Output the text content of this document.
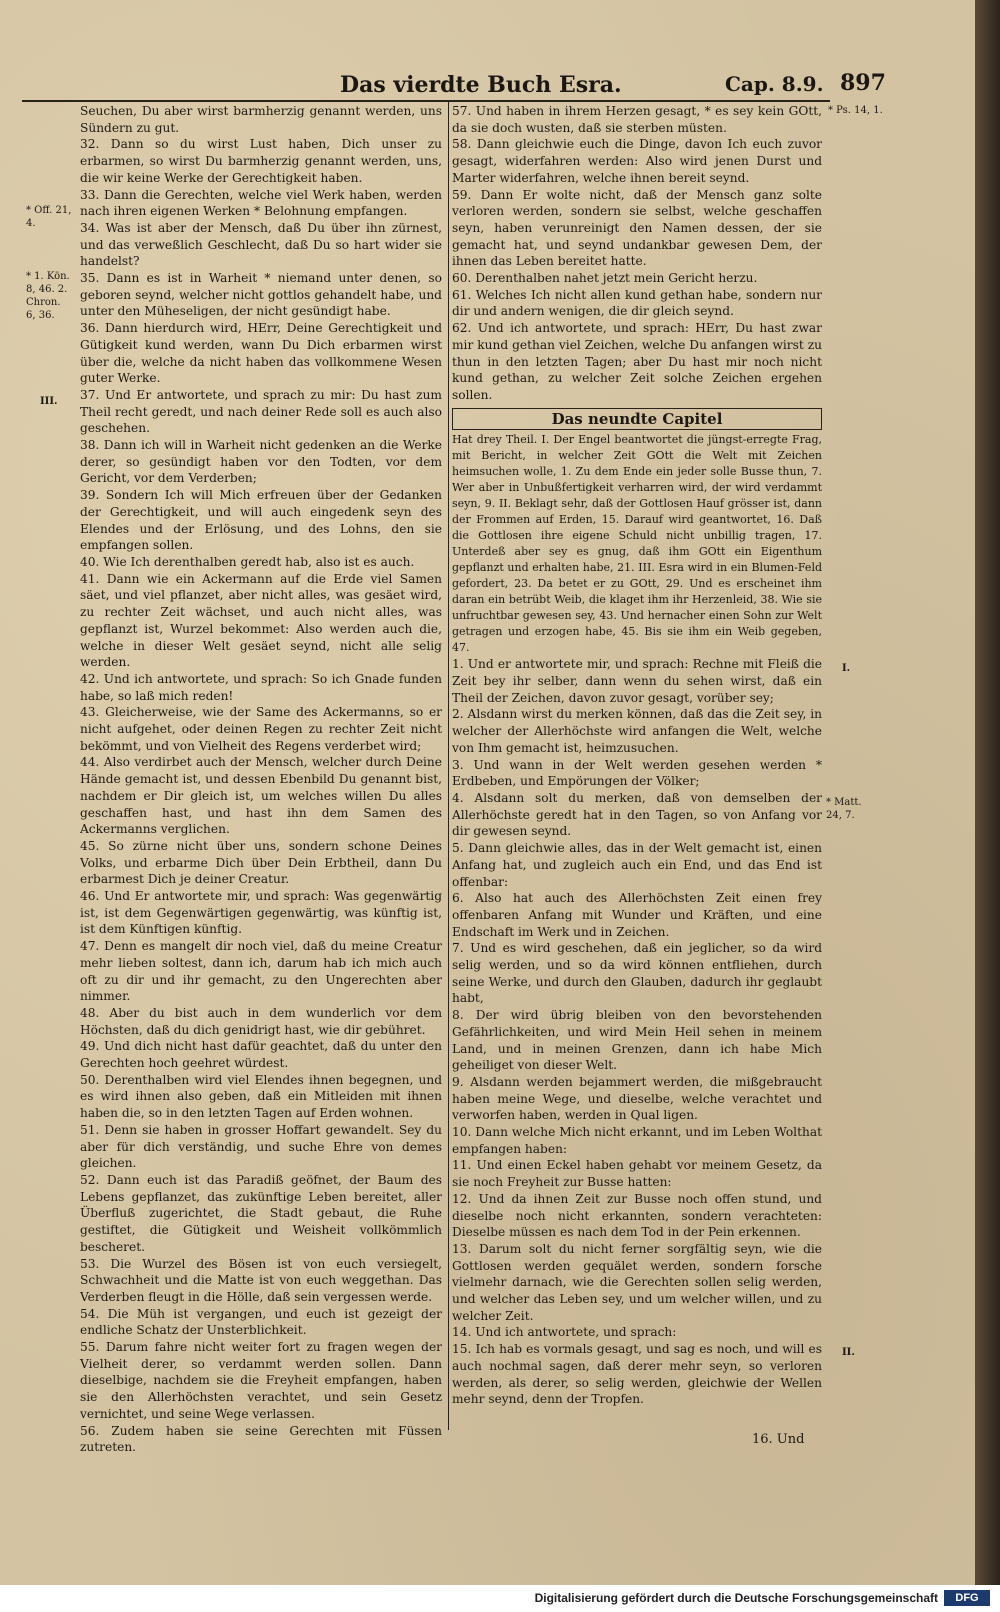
Das vierdte Buch Esra.	Cap. 8.9. 897
* Off. 21, 4.
* 1. Kön. 8, 46. 2. Chron. 6, 36.
III.
* Ps. 14, 1.
I.
* Matt. 24, 7.
II.

Seuchen, Du aber wirst barmherzig genannt werden, uns Sündern zu gut.

32. Dann so du wirst Lust haben, Dich unser zu erbarmen, so wirst Du barmherzig genannt werden, uns, die wir keine Werke der Gerechtigkeit haben.

33. Dann die Gerechten, welche viel Werk haben, werden nach ihren eigenen Werken * Belohnung empfangen.

34. Was ist aber der Mensch, daß Du über ihn zürnest, und das verweßlich Geschlecht, daß Du so hart wider sie handelst?

35. Dann es ist in Warheit * niemand unter denen, so geboren seynd, welcher nicht gottlos gehandelt habe, und unter den Müheseligen, der nicht gesündigt habe.

36. Dann hierdurch wird, HErr, Deine Gerechtigkeit und Gütigkeit kund werden, wann Du Dich erbarmen wirst über die, welche da nicht haben das vollkommene Wesen guter Werke.

37. Und Er antwortete, und sprach zu mir: Du hast zum Theil recht geredt, und nach deiner Rede soll es auch also geschehen.

38. Dann ich will in Warheit nicht gedenken an die Werke derer, so gesündigt haben vor den Todten, vor dem Gericht, vor dem Verderben;

39. Sondern Ich will Mich erfreuen über der Gedanken der Gerechtigkeit, und will auch eingedenk seyn des Elendes und der Erlösung, und des Lohns, den sie empfangen sollen.

40. Wie Ich derenthalben geredt hab, also ist es auch.

41. Dann wie ein Ackermann auf die Erde viel Samen säet, und viel pflanzet, aber nicht alles, was gesäet wird, zu rechter Zeit wächset, und auch nicht alles, was gepflanzt ist, Wurzel bekommet: Also werden auch die, welche in dieser Welt gesäet seynd, nicht alle selig werden.

42. Und ich antwortete, und sprach: So ich Gnade funden habe, so laß mich reden!

43. Gleicherweise, wie der Same des Ackermanns, so er nicht aufgehet, oder deinen Regen zu rechter Zeit nicht bekömmt, und von Vielheit des Regens verderbet wird;

44. Also verdirbet auch der Mensch, welcher durch Deine Hände gemacht ist, und dessen Ebenbild Du genannt bist, nachdem er Dir gleich ist, um welches willen Du alles geschaffen hast, und hast ihn dem Samen des Ackermanns verglichen.

45. So zürne nicht über uns, sondern schone Deines Volks, und erbarme Dich über Dein Erbtheil, dann Du erbarmest Dich je deiner Creatur.

46. Und Er antwortete mir, und sprach: Was gegenwärtig ist, ist dem Gegenwärtigen gegenwärtig, was künftig ist, ist dem Künftigen künftig.

47. Denn es mangelt dir noch viel, daß du meine Creatur mehr lieben soltest, dann ich, darum hab ich mich auch oft zu dir und ihr gemacht, zu den Ungerechten aber nimmer.

48. Aber du bist auch in dem wunderlich vor dem Höchsten, daß du dich genidrigt hast, wie dir gebühret.

49. Und dich nicht hast dafür geachtet, daß du unter den Gerechten hoch geehret würdest.

50. Derenthalben wird viel Elendes ihnen begegnen, und es wird ihnen also geben, daß ein Mitleiden mit ihnen haben die, so in den letzten Tagen auf Erden wohnen.

51. Denn sie haben in grosser Hoffart gewandelt. Sey du aber für dich verständig, und suche Ehre von demes gleichen.

52. Dann euch ist das Paradiß geöfnet, der Baum des Lebens gepflanzet, das zukünftige Leben bereitet, aller Überfluß zugerichtet, die Stadt gebaut, die Ruhe gestiftet, die Gütigkeit und Weisheit vollkömmlich bescheret.

53. Die Wurzel des Bösen ist von euch versiegelt, Schwachheit und die Matte ist von euch weggethan. Das Verderben fleugt in die Hölle, daß sein vergessen werde.

54. Die Müh ist vergangen, und euch ist gezeigt der endliche Schatz der Unsterblichkeit.

55. Darum fahre nicht weiter fort zu fragen wegen der Vielheit derer, so verdammt werden sollen. Dann dieselbige, nachdem sie die Freyheit empfangen, haben sie den Allerhöchsten verachtet, und sein Gesetz vernichtet, und seine Wege verlassen.

56. Zudem haben sie seine Gerechten mit Füssen zutreten.

57. Und haben in ihrem Herzen gesagt, * es sey kein GOtt, da sie doch wusten, daß sie sterben müsten.

58. Dann gleichwie euch die Dinge, davon Ich euch zuvor gesagt, widerfahren werden: Also wird jenen Durst und Marter widerfahren, welche ihnen bereit seynd.

59. Dann Er wolte nicht, daß der Mensch ganz solte verloren werden, sondern sie selbst, welche geschaffen seyn, haben verunreinigt den Namen dessen, der sie gemacht hat, und seynd undankbar gewesen Dem, der ihnen das Leben bereitet hatte.

60. Derenthalben nahet jetzt mein Gericht herzu.

61. Welches Ich nicht allen kund gethan habe, sondern nur dir und andern wenigen, die dir gleich seynd.

62. Und ich antwortete, und sprach: HErr, Du hast zwar mir kund gethan viel Zeichen, welche Du anfangen wirst zu thun in den letzten Tagen; aber Du hast mir noch nicht kund gethan, zu welcher Zeit solche Zeichen ergehen sollen.

Das neundte Capitel

Hat drey Theil. I. Der Engel beantwortet die jüngst-erregte Frag, mit Bericht, in welcher Zeit GOtt die Welt mit Zeichen heimsuchen wolle, 1. Zu dem Ende ein jeder solle Busse thun, 7. Wer aber in Unbußfertigkeit verharren wird, der wird verdammt seyn, 9. II. Beklagt sehr, daß der Gottlosen Hauf grösser ist, dann der Frommen auf Erden, 15. Darauf wird geantwortet, 16. Daß die Gottlosen ihre eigene Schuld nicht unbillig tragen, 17. Unterdeß aber sey es gnug, daß ihm GOtt ein Eigenthum gepflanzt und erhalten habe, 21. III. Esra wird in ein Blumen-Feld gefordert, 23. Da betet er zu GOtt, 29. Und es erscheinet ihm daran ein betrübt Weib, die klaget ihm ihr Herzenleid, 38. Wie sie unfruchtbar gewesen sey, 43. Und hernacher einen Sohn zur Welt getragen und erzogen habe, 45. Bis sie ihm ein Weib gegeben, 47.

1. Und er antwortete mir, und sprach: Rechne mit Fleiß die Zeit bey ihr selber, dann wenn du sehen wirst, daß ein Theil der Zeichen, davon zuvor gesagt, vorüber sey;

2. Alsdann wirst du merken können, daß das die Zeit sey, in welcher der Allerhöchste wird anfangen die Welt, welche von Ihm gemacht ist, heimzusuchen.

3. Und wann in der Welt werden gesehen werden * Erdbeben, und Empörungen der Völker;

4. Alsdann solt du merken, daß von demselben der Allerhöchste geredt hat in den Tagen, so von Anfang vor dir gewesen seynd.

5. Dann gleichwie alles, das in der Welt gemacht ist, einen Anfang hat, und zugleich auch ein End, und das End ist offenbar:

6. Also hat auch des Allerhöchsten Zeit einen frey offenbaren Anfang mit Wunder und Kräften, und eine Endschaft im Werk und in Zeichen.

7. Und es wird geschehen, daß ein jeglicher, so da wird selig werden, und so da wird können entfliehen, durch seine Werke, und durch den Glauben, dadurch ihr geglaubt habt,

8. Der wird übrig bleiben von den bevorstehenden Gefährlichkeiten, und wird Mein Heil sehen in meinem Land, und in meinen Grenzen, dann ich habe Mich geheiliget von dieser Welt.

9. Alsdann werden bejammert werden, die mißgebraucht haben meine Wege, und dieselbe, welche verachtet und verworfen haben, werden in Qual ligen.

10. Dann welche Mich nicht erkannt, und im Leben Wolthat empfangen haben:

11. Und einen Eckel haben gehabt vor meinem Gesetz, da sie noch Freyheit zur Busse hatten:

12. Und da ihnen Zeit zur Busse noch offen stund, und dieselbe noch nicht erkannten, sondern verachteten: Dieselbe müssen es nach dem Tod in der Pein erkennen.

13. Darum solt du nicht ferner sorgfältig seyn, wie die Gottlosen werden gequälet werden, sondern forsche vielmehr darnach, wie die Gerechten sollen selig werden, und welcher das Leben sey, und um welcher willen, und zu welcher Zeit.

14. Und ich antwortete, und sprach:

15. Ich hab es vormals gesagt, und sag es noch, und will es auch nochmal sagen, daß derer mehr seyn, so verloren werden, als derer, so selig werden, gleichwie der Wellen mehr seynd, denn der Tropfen.

16. Und
Digitalisierung gefördert durch die Deutsche Forschungsgemeinschaft	DFG
